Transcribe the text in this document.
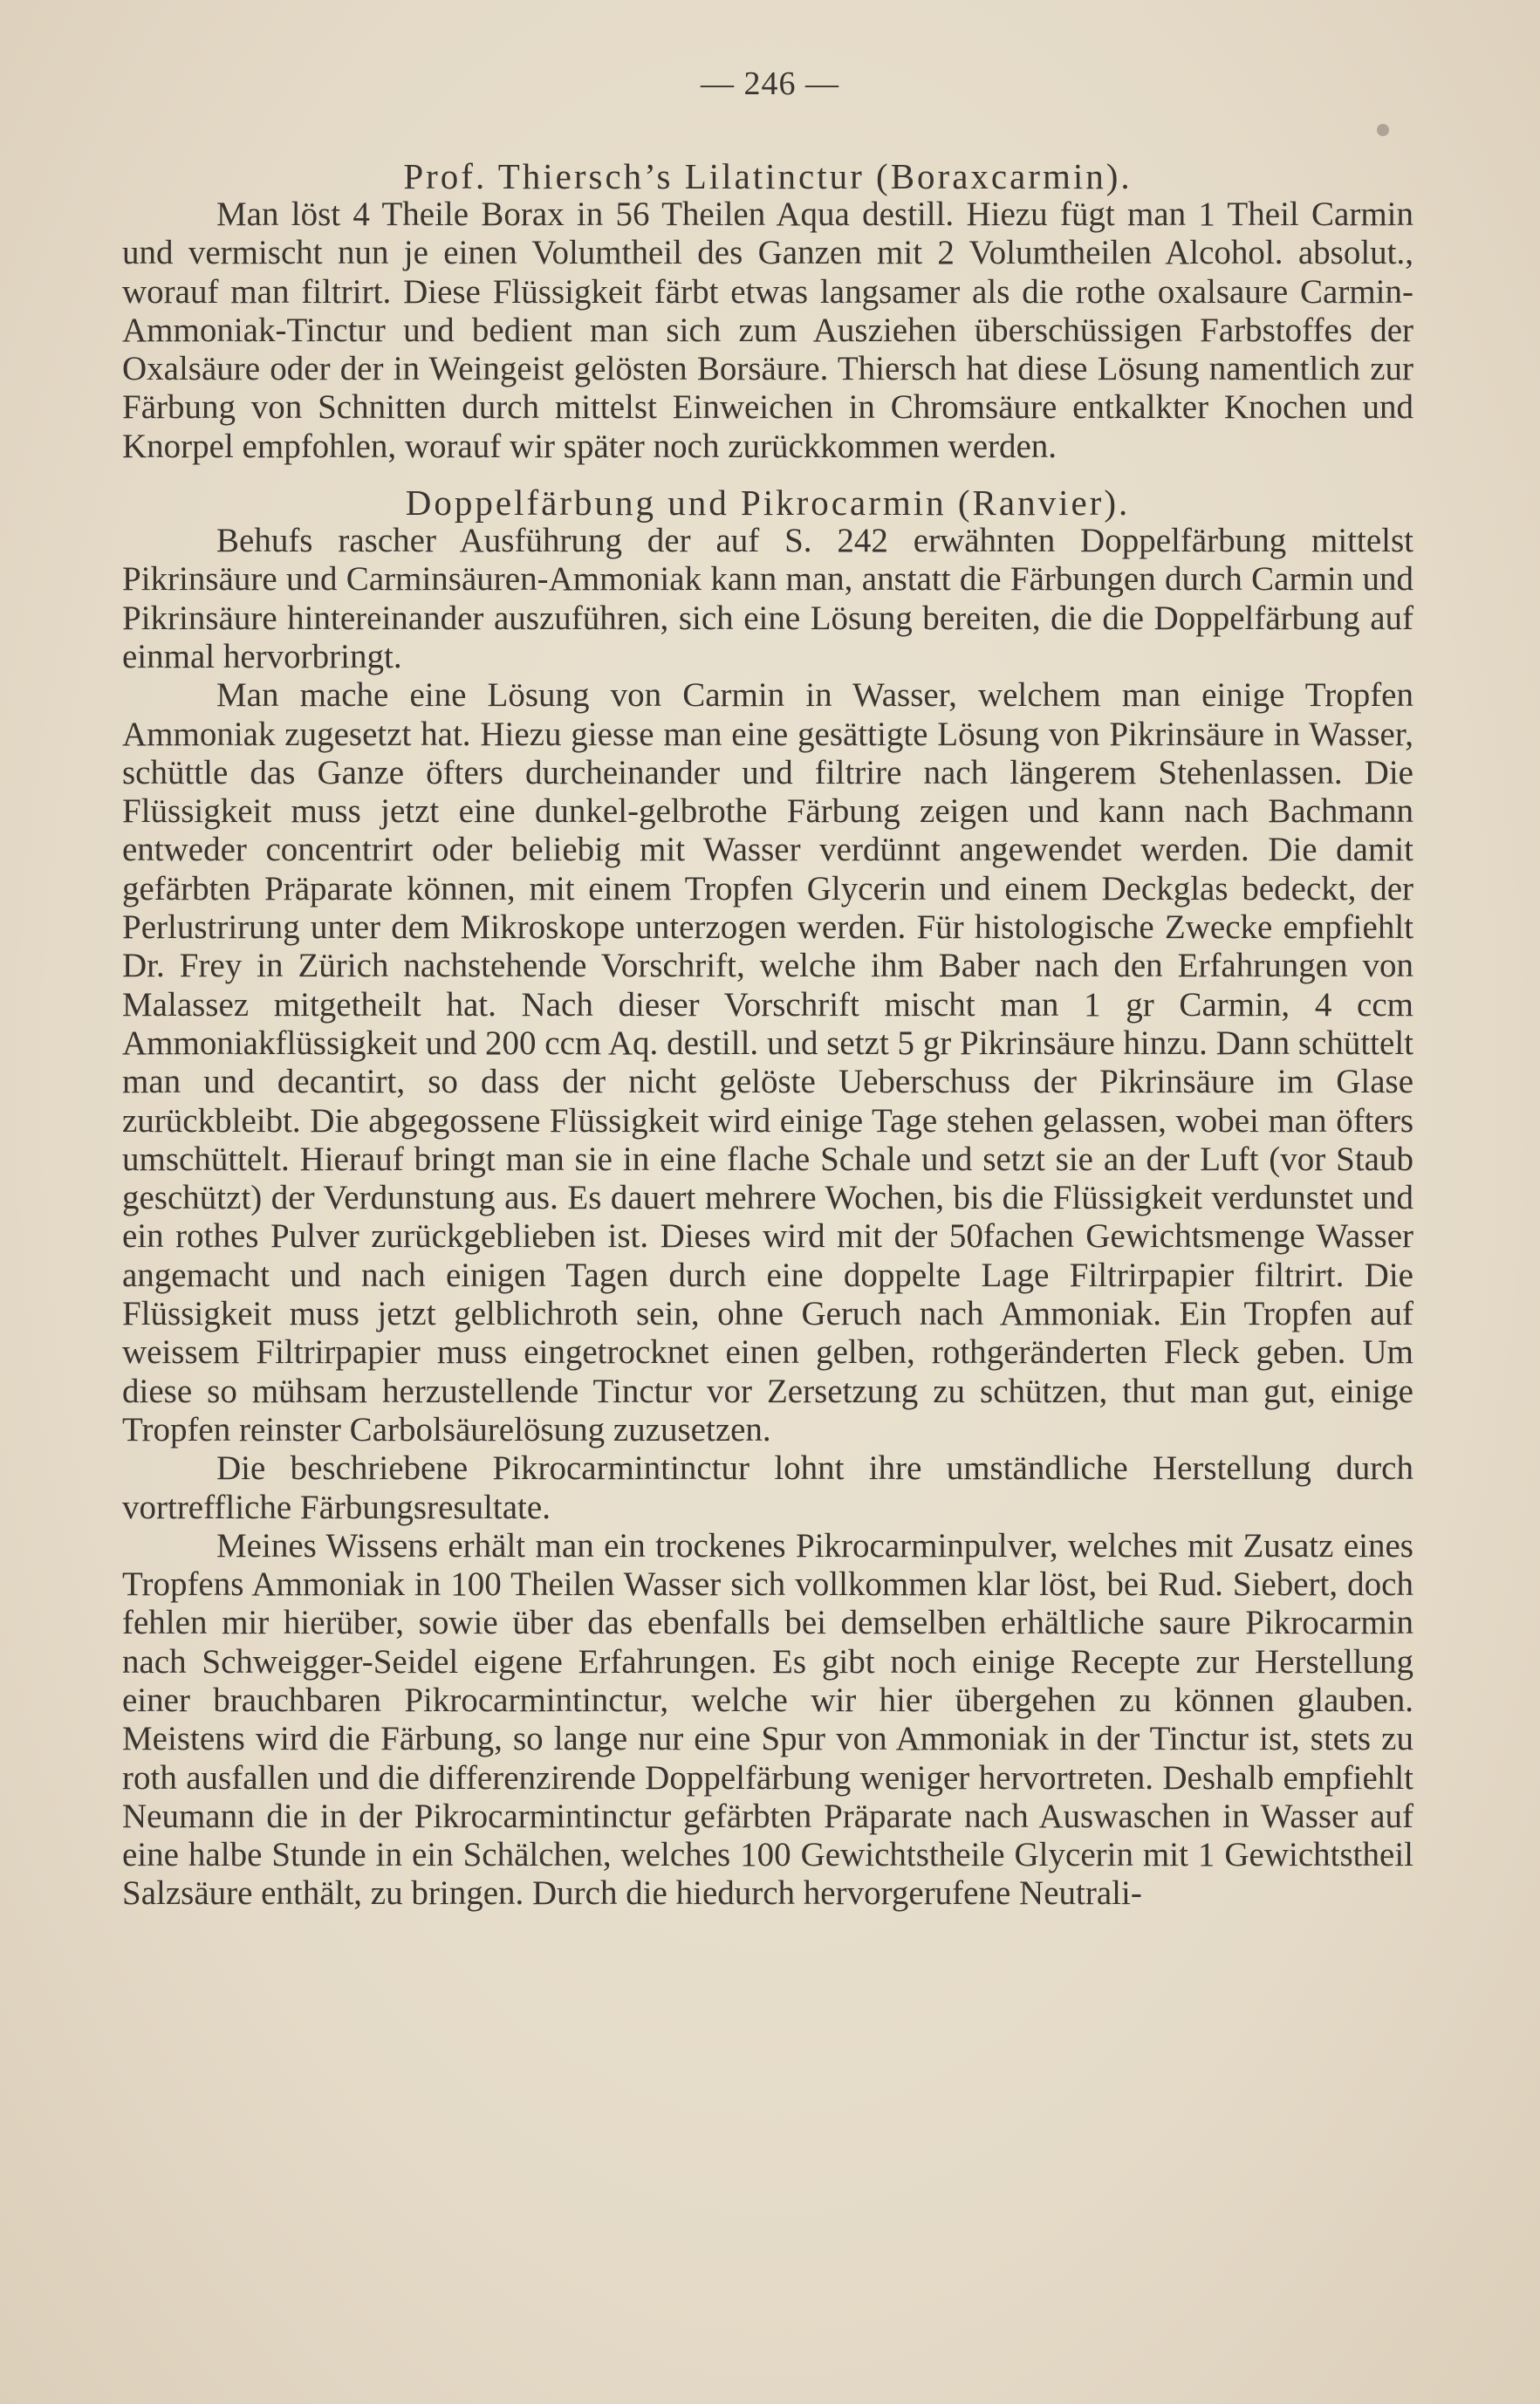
— 246 —
Prof. Thiersch’s Lilatinctur (Boraxcarmin).

Man löst 4 Theile Borax in 56 Theilen Aqua destill. Hiezu fügt man 1 Theil Carmin und vermischt nun je einen Volumtheil des Ganzen mit 2 Volumtheilen Alcohol. absolut., worauf man filtrirt. Diese Flüssigkeit färbt etwas langsamer als die rothe oxalsaure Carmin-Ammoniak-Tinctur und bedient man sich zum Ausziehen überschüssigen Farbstoffes der Oxalsäure oder der in Weingeist gelösten Borsäure. Thiersch hat diese Lösung namentlich zur Färbung von Schnitten durch mittelst Einweichen in Chromsäure entkalkter Knochen und Knorpel empfohlen, worauf wir später noch zurückkommen werden.

Doppelfärbung und Pikrocarmin (Ranvier).

Behufs rascher Ausführung der auf S. 242 erwähnten Doppelfärbung mittelst Pikrinsäure und Carminsäuren-Ammoniak kann man, anstatt die Färbungen durch Carmin und Pikrinsäure hintereinander auszuführen, sich eine Lösung bereiten, die die Doppelfärbung auf einmal hervorbringt.

Man mache eine Lösung von Carmin in Wasser, welchem man einige Tropfen Ammoniak zugesetzt hat. Hiezu giesse man eine gesättigte Lösung von Pikrinsäure in Wasser, schüttle das Ganze öfters durcheinander und filtrire nach längerem Stehenlassen. Die Flüssigkeit muss jetzt eine dunkel-gelbrothe Färbung zeigen und kann nach Bachmann entweder concentrirt oder beliebig mit Wasser verdünnt angewendet werden. Die damit gefärbten Präparate können, mit einem Tropfen Glycerin und einem Deckglas bedeckt, der Perlustrirung unter dem Mikroskope unterzogen werden. Für histologische Zwecke empfiehlt Dr. Frey in Zürich nachstehende Vorschrift, welche ihm Baber nach den Erfahrungen von Malassez mitgetheilt hat. Nach dieser Vorschrift mischt man 1 gr Carmin, 4 ccm Ammoniakflüssigkeit und 200 ccm Aq. destill. und setzt 5 gr Pikrinsäure hinzu. Dann schüttelt man und decantirt, so dass der nicht gelöste Ueberschuss der Pikrinsäure im Glase zurückbleibt. Die abgegossene Flüssigkeit wird einige Tage stehen gelassen, wobei man öfters umschüttelt. Hierauf bringt man sie in eine flache Schale und setzt sie an der Luft (vor Staub geschützt) der Verdunstung aus. Es dauert mehrere Wochen, bis die Flüssigkeit verdunstet und ein rothes Pulver zurückgeblieben ist. Dieses wird mit der 50fachen Gewichtsmenge Wasser angemacht und nach einigen Tagen durch eine doppelte Lage Filtrirpapier filtrirt. Die Flüssigkeit muss jetzt gelblichroth sein, ohne Geruch nach Ammoniak. Ein Tropfen auf weissem Filtrirpapier muss eingetrocknet einen gelben, rothgeränderten Fleck geben. Um diese so mühsam herzustellende Tinctur vor Zersetzung zu schützen, thut man gut, einige Tropfen reinster Carbolsäurelösung zuzusetzen.

Die beschriebene Pikrocarmintinctur lohnt ihre umständliche Herstellung durch vortreffliche Färbungsresultate.

Meines Wissens erhält man ein trockenes Pikrocarminpulver, welches mit Zusatz eines Tropfens Ammoniak in 100 Theilen Wasser sich vollkommen klar löst, bei Rud. Siebert, doch fehlen mir hierüber, sowie über das ebenfalls bei demselben erhältliche saure Pikrocarmin nach Schweigger-Seidel eigene Erfahrungen. Es gibt noch einige Recepte zur Herstellung einer brauchbaren Pikrocarmintinctur, welche wir hier übergehen zu können glauben. Meistens wird die Färbung, so lange nur eine Spur von Ammoniak in der Tinctur ist, stets zu roth ausfallen und die differenzirende Doppelfärbung weniger hervortreten. Deshalb empfiehlt Neumann die in der Pikrocarmintinctur gefärbten Präparate nach Auswaschen in Wasser auf eine halbe Stunde in ein Schälchen, welches 100 Gewichtstheile Glycerin mit 1 Gewichtstheil Salzsäure enthält, zu bringen. Durch die hiedurch hervorgerufene Neutrali-
